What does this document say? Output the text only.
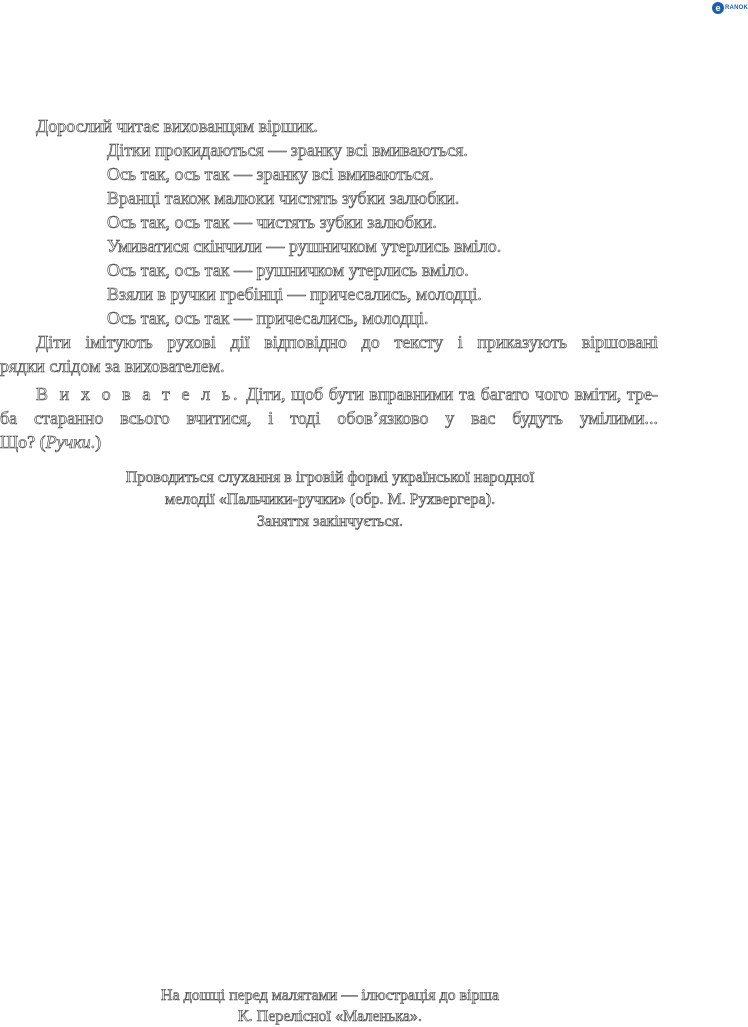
e RANOK
Дорослий читає вихованцям віршик.
Дітки прокидаються — зранку всі вмиваються.
Ось так, ось так — зранку всі вмиваються.
Вранці також малюки чистять зубки залюбки.
Ось так, ось так — чистять зубки залюбки.
Умиватися скінчили — рушничком утерлись вміло.
Ось так, ось так — рушничком утерлись вміло.
Взяли в ручки гребінці — причесались, молодці.
Ось так, ось так — причесались, молодці.
Діти імітують рухові дії відповідно до тексту і приказують віршовані
рядки слідом за вихователем.
В и х о в а т е л ь. Діти, щоб бути вправними та багато чого вміти, тре-
ба старанно всього вчитися, і тоді обов’язково у вас будуть умілими...
Що? (Ручки.)
Проводиться слухання в ігровій формі української народної
мелодії «Пальчики-ручки» (обр. М. Рухвергера).
Заняття закінчується.
На дошці перед малятами — ілюстрація до вірша
К. Перелісної «Маленька».
